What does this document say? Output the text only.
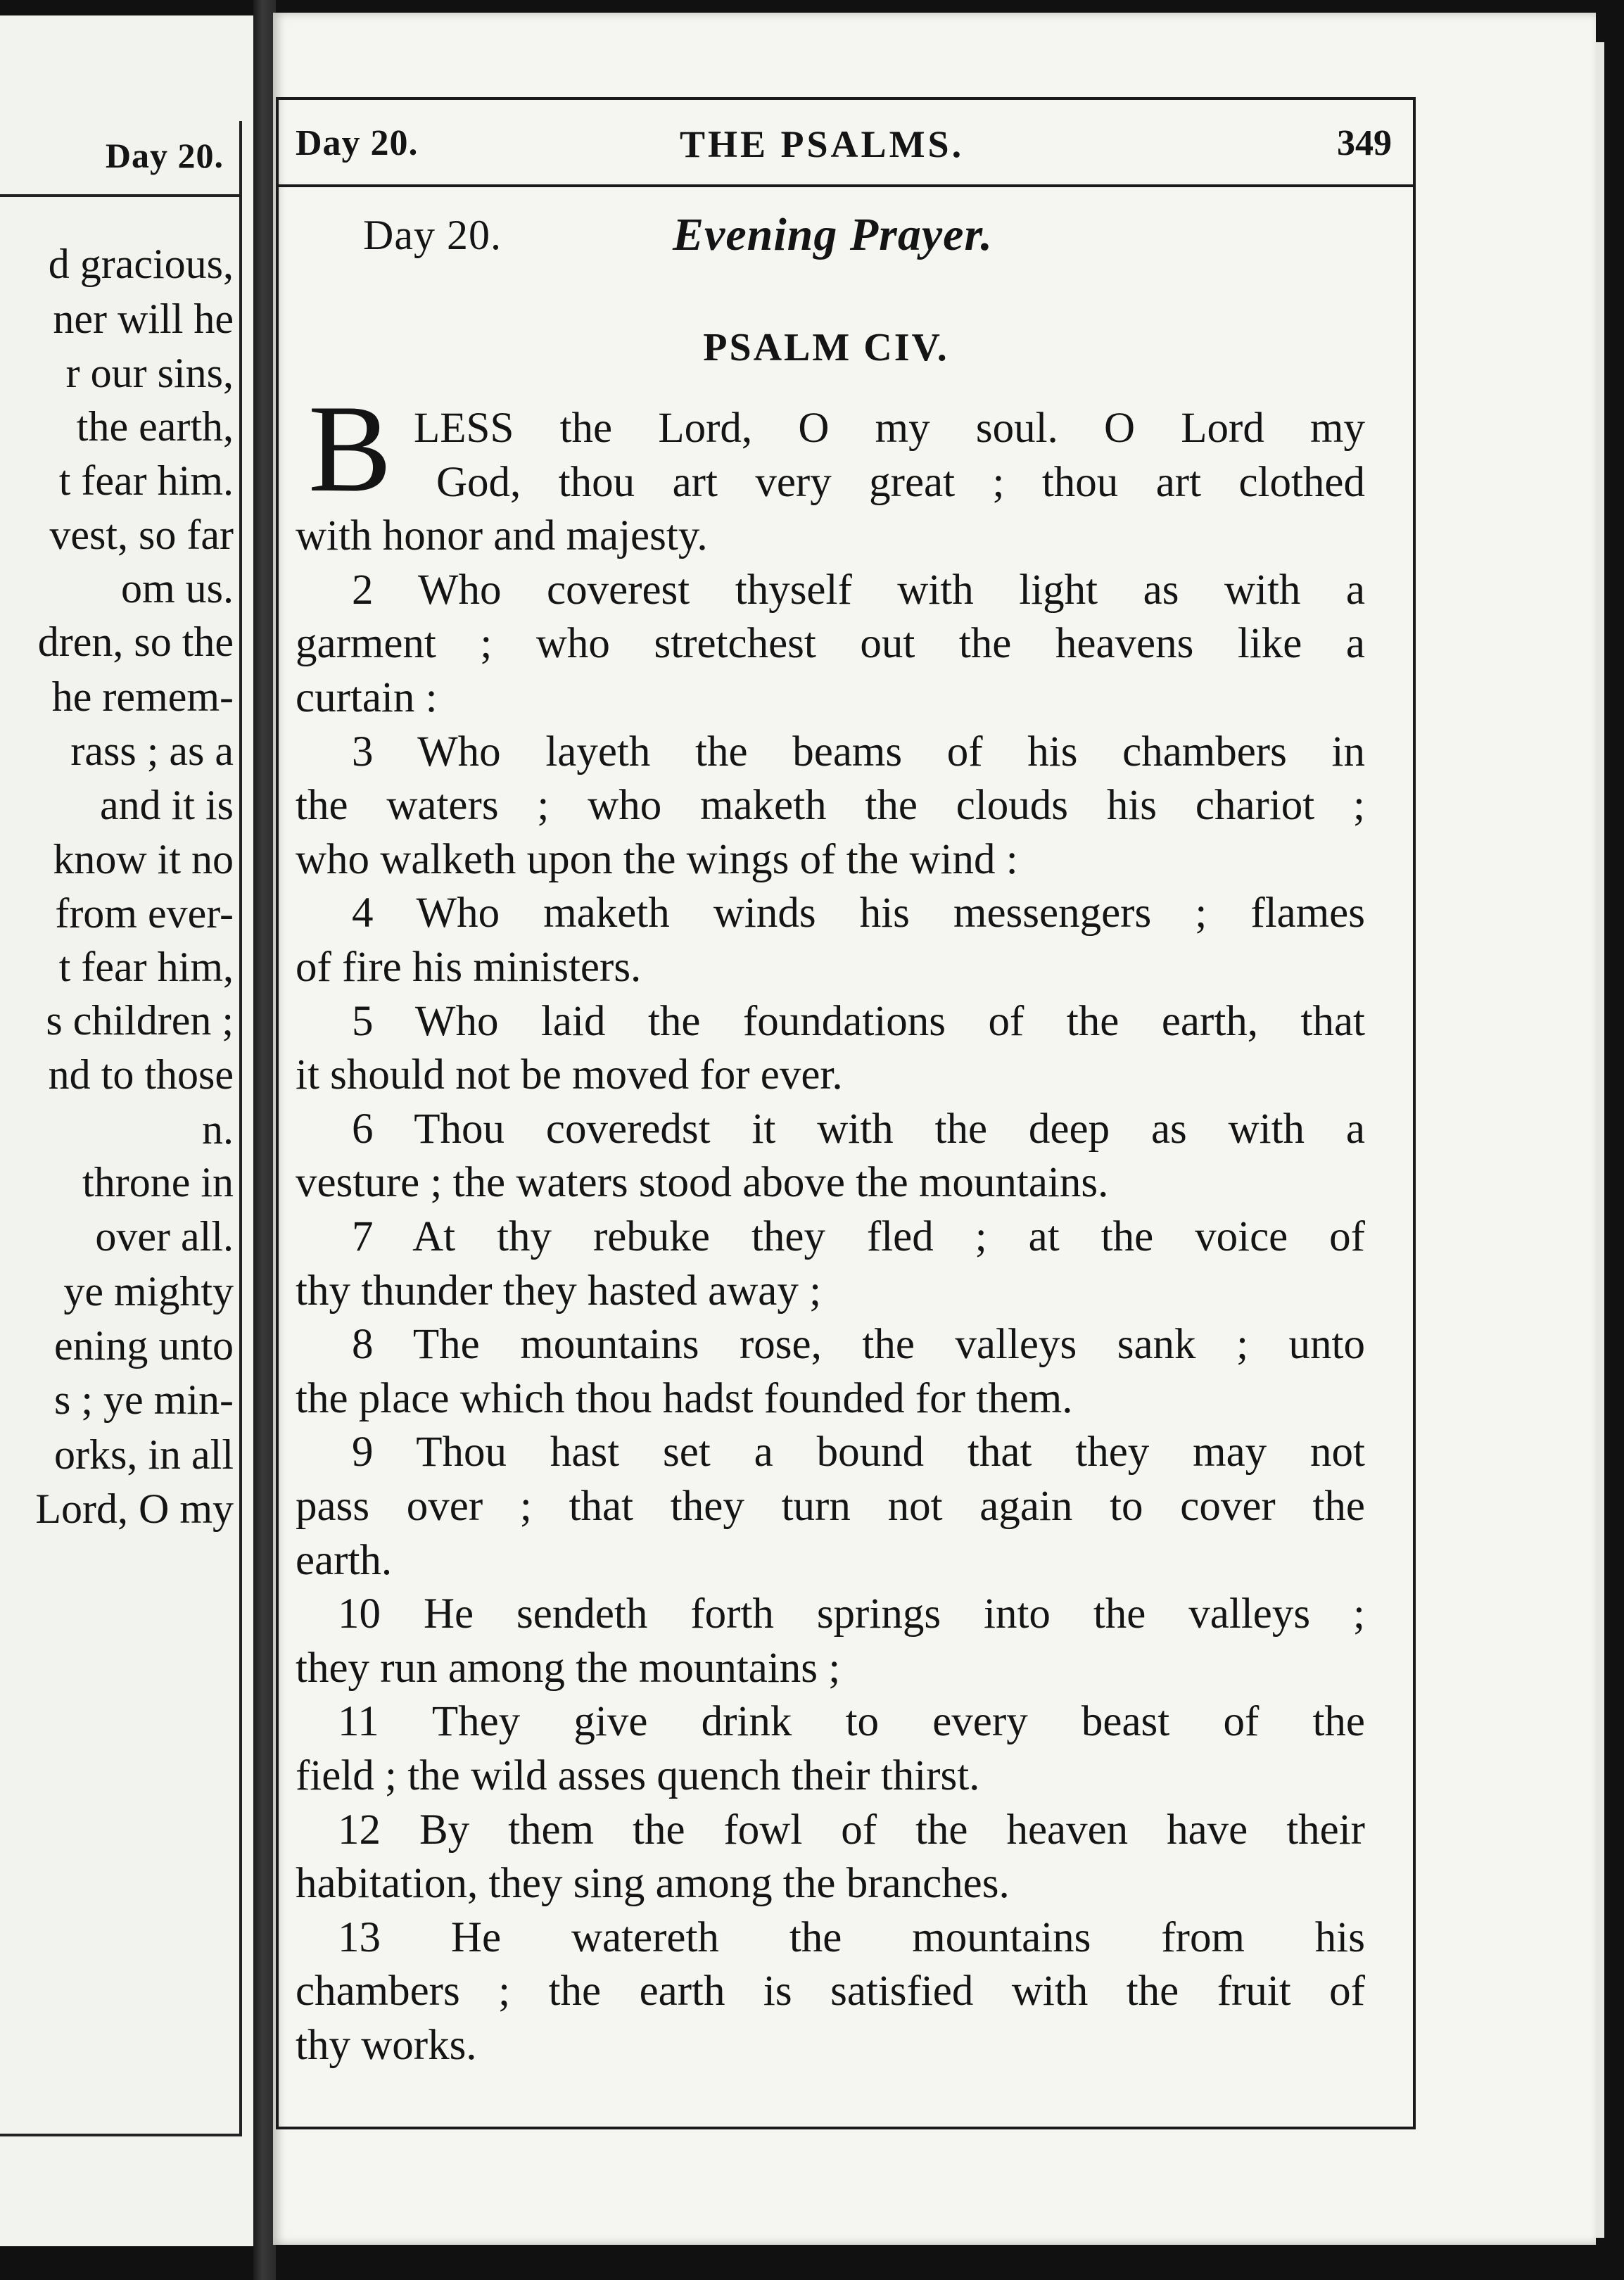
Day 20.
d gracious,
ner will he
r our sins,
the earth,
t fear him.
vest, so far
om us.
dren, so the
he remem-
rass ; as a
and it is
know it no
from ever-
t fear him,
s children ;
nd to those
n.
throne in
over all.
ye mighty
ening unto
s ; ye min-
orks, in all
Lord, O my
Day 20.	THE PSALMS.	349
Day 20.	Evening Prayer.
PSALM CIV.
B LESS the Lord, O my soul. O Lord my
God, thou art very great ; thou art clothed
with honor and majesty.
2 Who coverest thyself with light as with a
garment ; who stretchest out the heavens like a
curtain :
3 Who layeth the beams of his chambers in
the waters ; who maketh the clouds his chariot ;
who walketh upon the wings of the wind :
4 Who maketh winds his messengers ; flames
of fire his ministers.
5 Who laid the foundations of the earth, that
it should not be moved for ever.
6 Thou coveredst it with the deep as with a
vesture ; the waters stood above the mountains.
7 At thy rebuke they fled ; at the voice of
thy thunder they hasted away ;
8 The mountains rose, the valleys sank ; unto
the place which thou hadst founded for them.
9 Thou hast set a bound that they may not
pass over ; that they turn not again to cover the
earth.
10 He sendeth forth springs into the valleys ;
they run among the mountains ;
11 They give drink to every beast of the
field ; the wild asses quench their thirst.
12 By them the fowl of the heaven have their
habitation, they sing among the branches.
13 He watereth the mountains from his
chambers ; the earth is satisfied with the fruit of
thy works.
